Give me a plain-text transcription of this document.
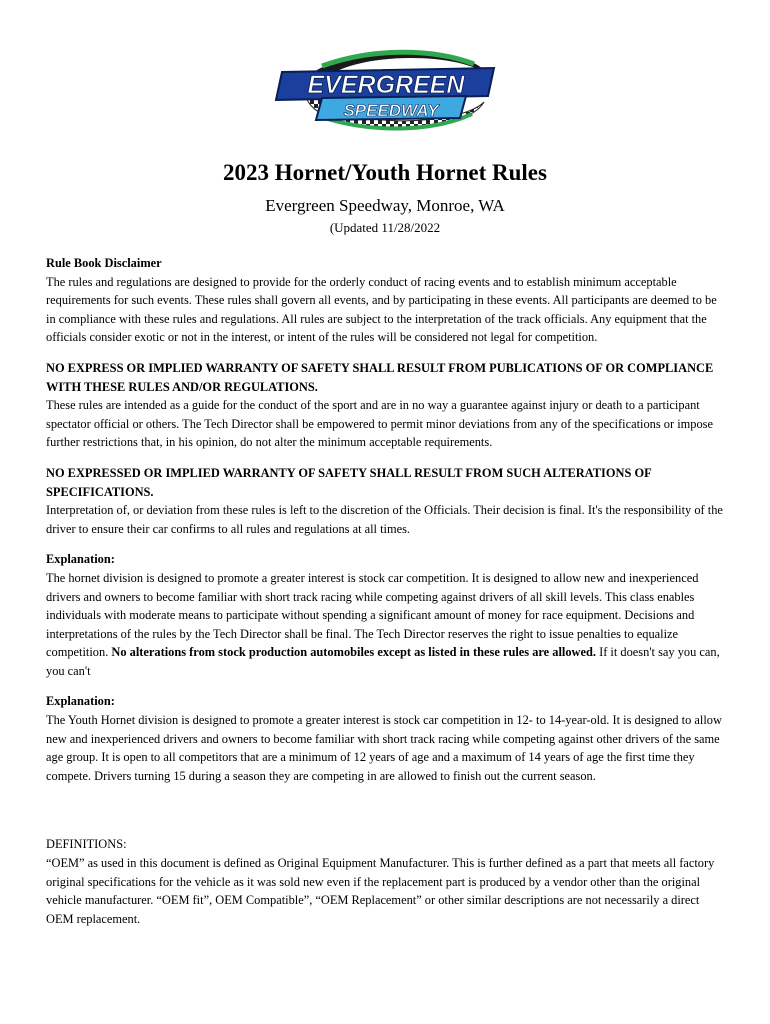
EVERGREEN
SPEEDWAY
2023 Hornet/Youth Hornet Rules
Evergreen Speedway, Monroe, WA
(Updated 11/28/2022

Rule Book Disclaimer

The rules and regulations are designed to provide for the orderly conduct of racing events and to establish minimum acceptable requirements for such events. These rules shall govern all events, and by participating in these events. All participants are deemed to be in compliance with these rules and regulations. All rules are subject to the interpretation of the track officials. Any equipment that the officials consider exotic or not in the interest, or intent of the rules will be considered not legal for competition.

NO EXPRESS OR IMPLIED WARRANTY OF SAFETY SHALL RESULT FROM PUBLICATIONS OF OR COMPLIANCE WITH THESE RULES AND/OR REGULATIONS.

These rules are intended as a guide for the conduct of the sport and are in no way a guarantee against injury or death to a participant spectator official or others. The Tech Director shall be empowered to permit minor deviations from any of the specifications or impose further restrictions that, in his opinion, do not alter the minimum acceptable requirements.

NO EXPRESSED OR IMPLIED WARRANTY OF SAFETY SHALL RESULT FROM SUCH ALTERATIONS OF SPECIFICATIONS.

Interpretation of, or deviation from these rules is left to the discretion of the Officials. Their decision is final. It's the responsibility of the driver to ensure their car confirms to all rules and regulations at all times.

Explanation:

The hornet division is designed to promote a greater interest is stock car competition. It is designed to allow new and inexperienced drivers and owners to become familiar with short track racing while competing against drivers of all skill levels. This class enables individuals with moderate means to participate without spending a significant amount of money for race equipment. Decisions and interpretations of the rules by the Tech Director shall be final. The Tech Director reserves the right to issue penalties to equalize competition. No alterations from stock production automobiles except as listed in these rules are allowed. If it doesn't say you can, you can't

Explanation:

The Youth Hornet division is designed to promote a greater interest is stock car competition in 12- to 14-year-old. It is designed to allow new and inexperienced drivers and owners to become familiar with short track racing while competing against other drivers of the same age group. It is open to all competitors that are a minimum of 12 years of age and a maximum of 14 years of age the first time they compete. Drivers turning 15 during a season they are competing in are allowed to finish out the current season.

DEFINITIONS:

“OEM” as used in this document is defined as Original Equipment Manufacturer. This is further defined as a part that meets all factory original specifications for the vehicle as it was sold new even if the replacement part is produced by a vendor other than the original vehicle manufacturer. “OEM fit”, OEM Compatible”, “OEM Replacement” or other similar descriptions are not necessarily a direct OEM replacement.
